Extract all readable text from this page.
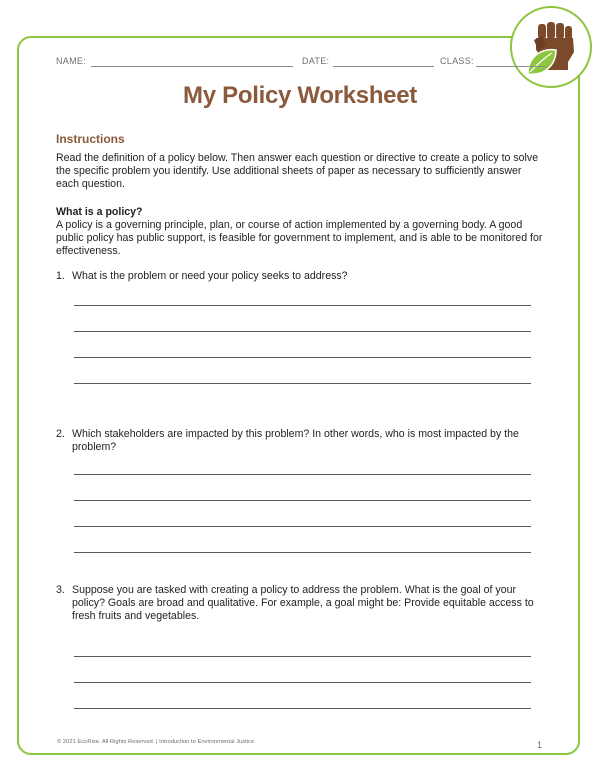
NAME:	DATE:	CLASS:
My Policy Worksheet
Instructions
Read the definition of a policy below. Then answer each question or directive to create a policy to solve the specific problem you identify. Use additional sheets of paper as necessary to sufficiently answer each question.
What is a policy?
A policy is a governing principle, plan, or course of action implemented by a governing body. A good public policy has public support, is feasible for government to implement, and is able to be monitored for effectiveness.
1. What is the problem or need your policy seeks to address?
2. Which stakeholders are impacted by this problem? In other words, who is most impacted by the problem?
3. Suppose you are tasked with creating a policy to address the problem. What is the goal of your policy? Goals are broad and qualitative. For example, a goal might be: Provide equitable access to fresh fruits and vegetables.
© 2021 EcoRise. All Rights Reserved. | Introduction to Environmental Justice	1
